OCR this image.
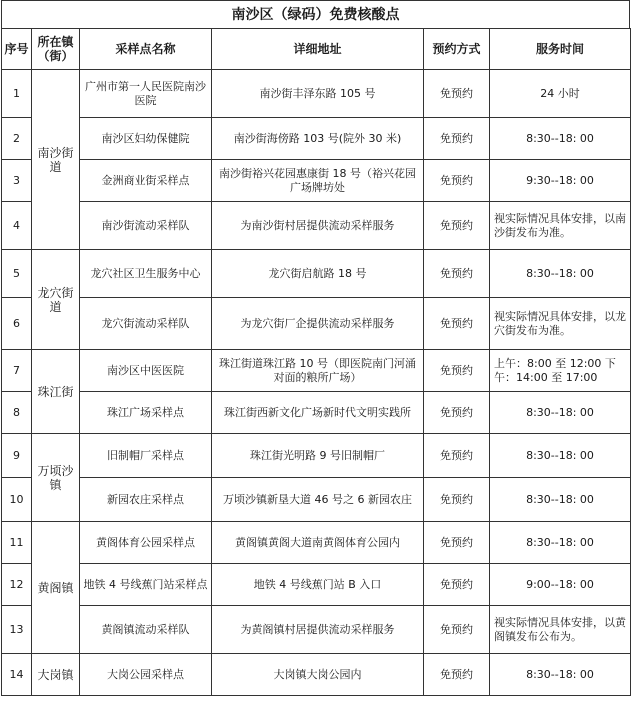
南沙区（绿码）免费核酸点
序号	所在镇（街）	采样点名称	详细地址	预约方式	服务时间
1	南沙街道	广州市第一人民医院南沙医院	南沙街丰泽东路 105 号	免预约	24 小时
2		南沙区妇幼保健院	南沙街海傍路 103 号(院外 30 米)	免预约	8:30--18: 00
3		金洲商业街采样点	南沙街裕兴花园惠康街 18 号（裕兴花园广场牌坊处	免预约	9:30--18: 00
4		南沙街流动采样队	为南沙街村居提供流动采样服务	免预约	视实际情况具体安排，以南沙街发布为准。
5	龙穴街道	龙穴社区卫生服务中心	龙穴街启航路 18 号	免预约	8:30--18: 00
6		龙穴街流动采样队	为龙穴街厂企提供流动采样服务	免预约	视实际情况具体安排，以龙穴街发布为准。
7	珠江街	南沙区中医医院	珠江街道珠江路 10 号（即医院南门河涌对面的粮所广场）	免预约	上午：8:00 至 12:00 下午：14:00 至 17:00
8		珠江广场采样点	珠江街西新文化广场新时代文明实践所	免预约	8:30--18: 00
9	万顷沙镇	旧制帽厂采样点	珠江街光明路 9 号旧制帽厂	免预约	8:30--18: 00
10		新园农庄采样点	万顷沙镇新垦大道 46 号之 6 新园农庄	免预约	8:30--18: 00
11	黄阁镇	黄阁体育公园采样点	黄阁镇黄阁大道南黄阁体育公园内	免预约	8:30--18: 00
12		地铁 4 号线蕉门站采样点	地铁 4 号线蕉门站 B 入口	免预约	9:00--18: 00
13		黄阁镇流动采样队	为黄阁镇村居提供流动采样服务	免预约	视实际情况具体安排，以黄阁镇发布公布为。
14	大岗镇	大岗公园采样点	大岗镇大岗公园内	免预约	8:30--18: 00
